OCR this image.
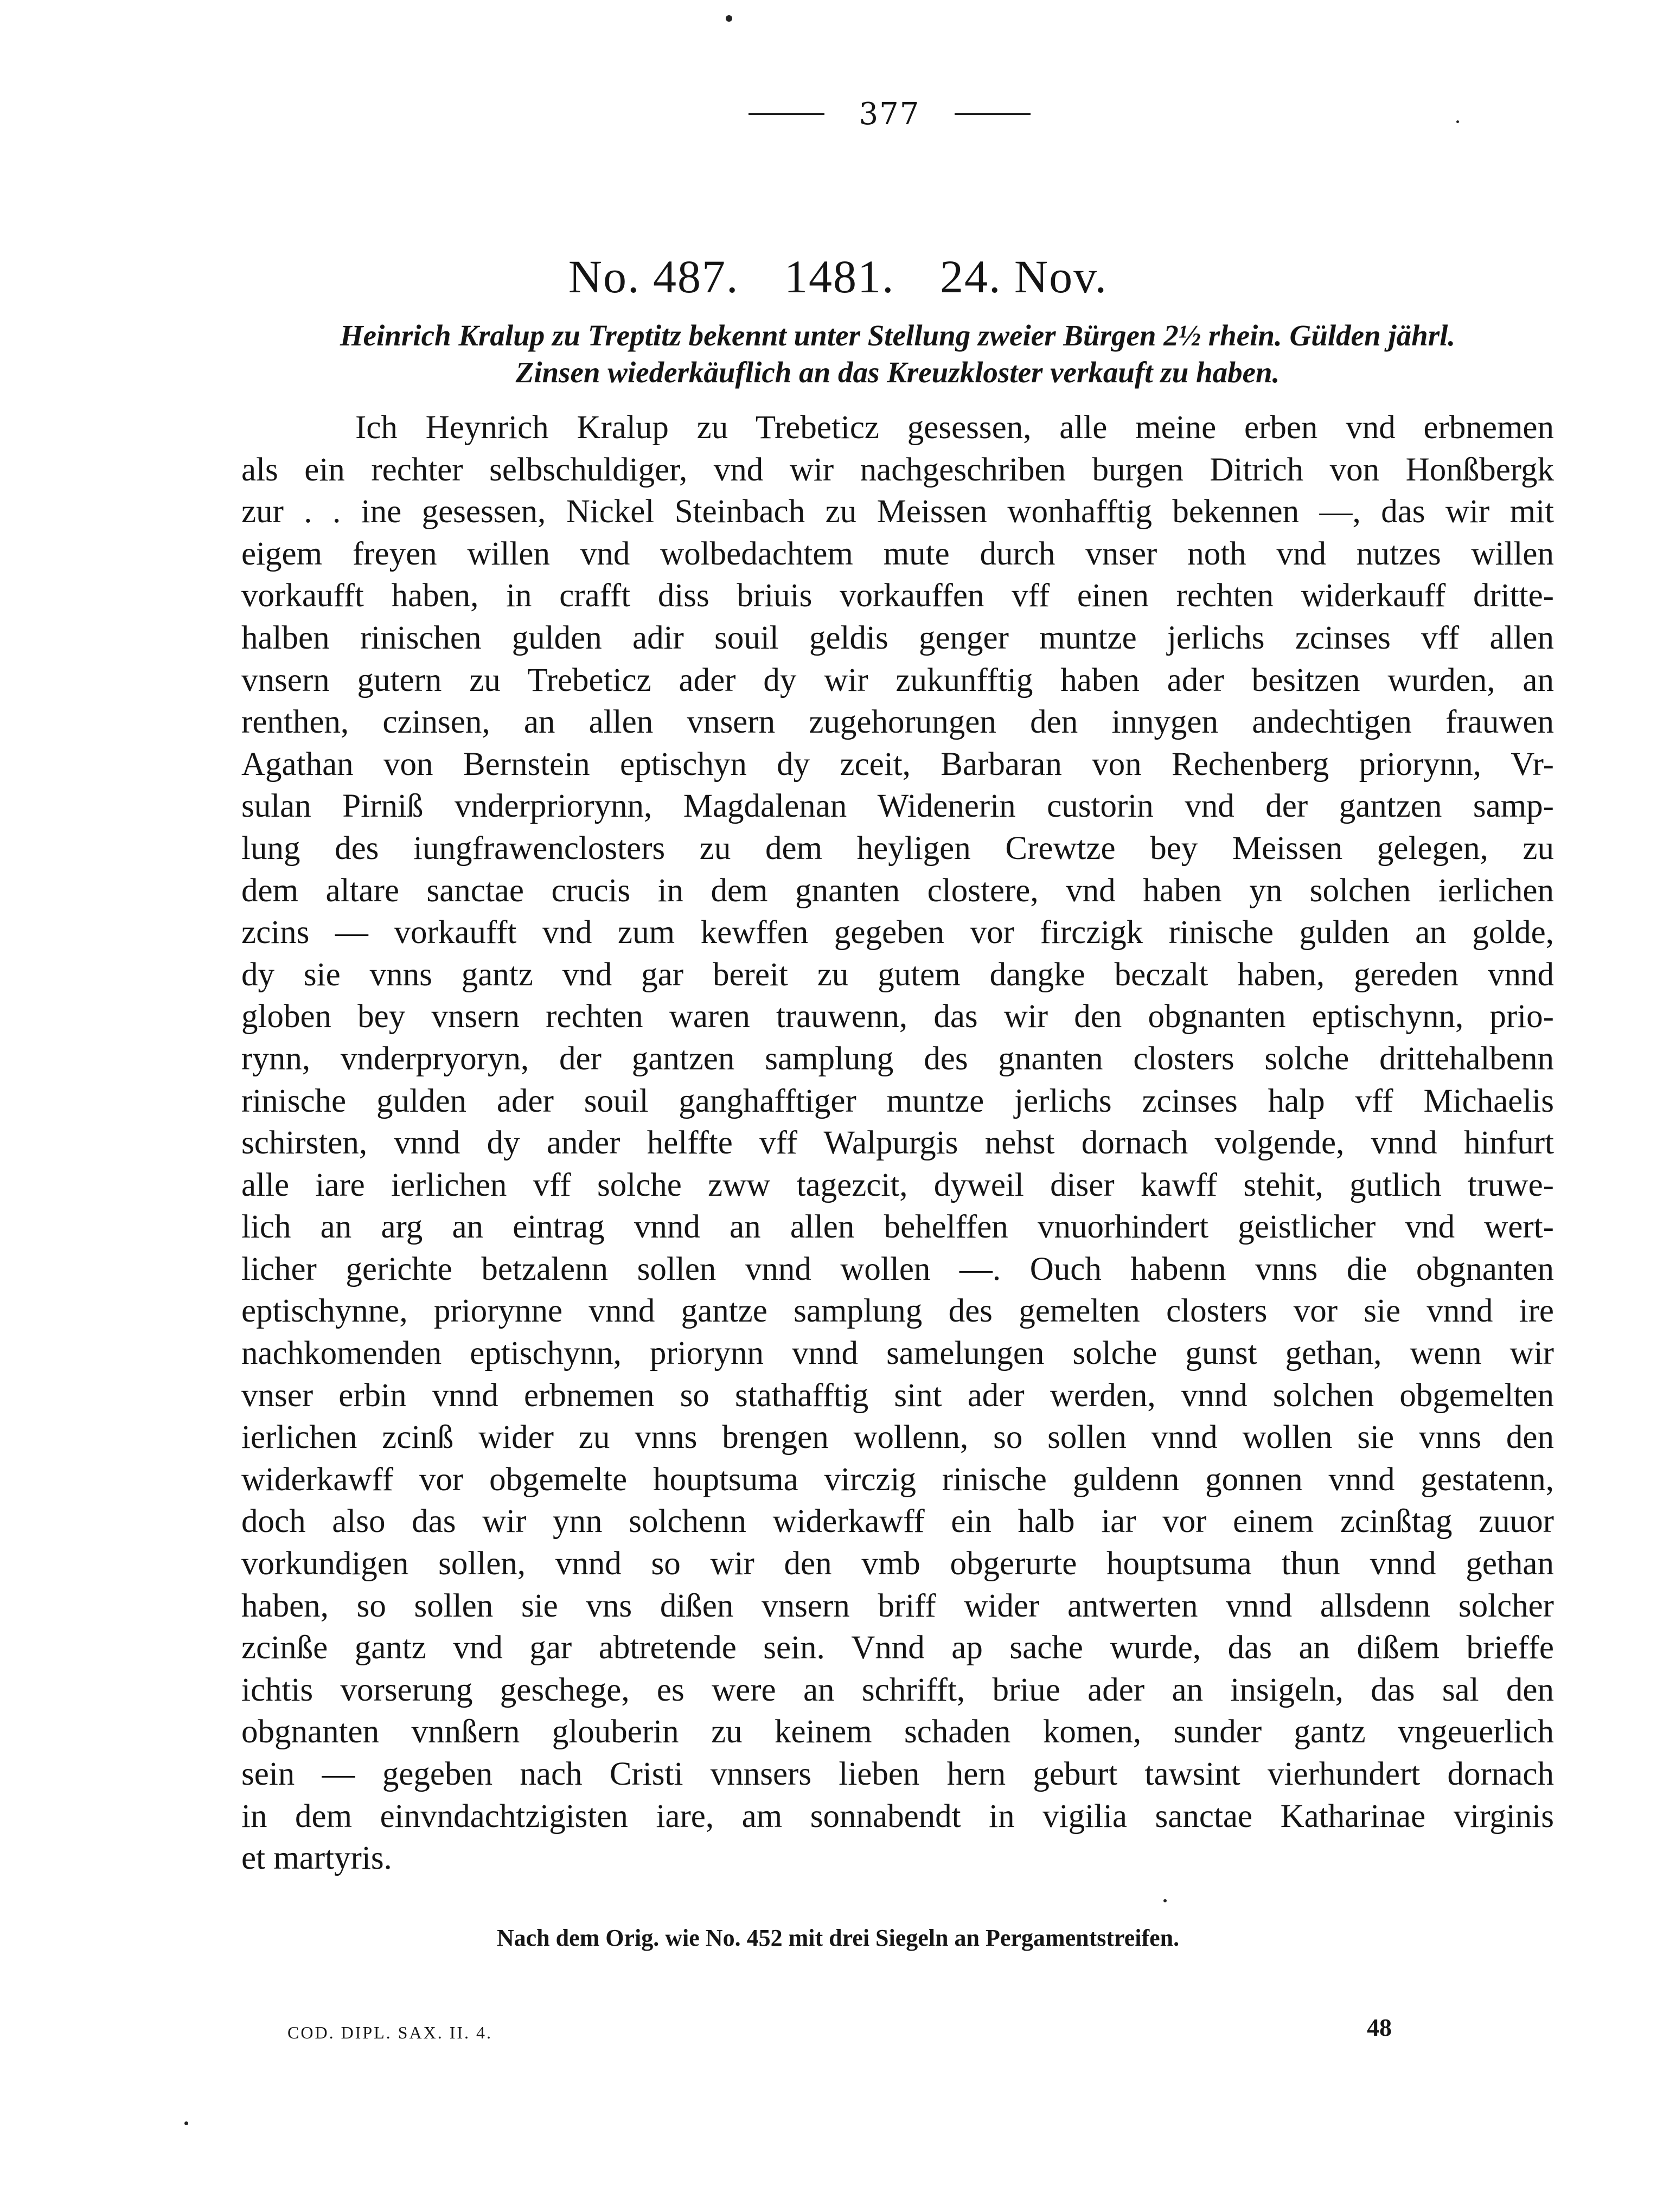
377
No. 487. 1481. 24. Nov.
Heinrich Kralup zu Treptitz bekennt unter Stellung zweier Bürgen 2½ rhein. Gülden jährl.
Zinsen wiederkäuflich an das Kreuzkloster verkauft zu haben.
Ich Heynrich Kralup zu Trebeticz gesessen, alle meine erben vnd erbnemen
als ein rechter selbschuldiger, vnd wir nachgeschriben burgen Ditrich von Honßbergk
zur . . ine gesessen, Nickel Steinbach zu Meissen wonhafftig bekennen —, das wir mit
eigem freyen willen vnd wolbedachtem mute durch vnser noth vnd nutzes willen
vorkaufft haben, in crafft diss briuis vorkauffen vff einen rechten widerkauff dritte-
halben rinischen gulden adir souil geldis genger muntze jerlichs zcinses vff allen
vnsern gutern zu Trebeticz ader dy wir zukunfftig haben ader besitzen wurden, an
renthen, czinsen, an allen vnsern zugehorungen den innygen andechtigen frauwen
Agathan von Bernstein eptischyn dy zceit, Barbaran von Rechenberg priorynn, Vr-
sulan Pirniß vnderpriorynn, Magdalenan Widenerin custorin vnd der gantzen samp-
lung des iungfrawenclosters zu dem heyligen Crewtze bey Meissen gelegen, zu
dem altare sanctae crucis in dem gnanten clostere, vnd haben yn solchen ierlichen
zcins — vorkaufft vnd zum kewffen gegeben vor firczigk rinische gulden an golde,
dy sie vnns gantz vnd gar bereit zu gutem dangke beczalt haben, gereden vnnd
globen bey vnsern rechten waren trauwenn, das wir den obgnanten eptischynn, prio-
rynn, vnderpryoryn, der gantzen samplung des gnanten closters solche drittehalbenn
rinische gulden ader souil ganghafftiger muntze jerlichs zcinses halp vff Michaelis
schirsten, vnnd dy ander helffte vff Walpurgis nehst dornach volgende, vnnd hinfurt
alle iare ierlichen vff solche zww tagezcit, dyweil diser kawff stehit, gutlich truwe-
lich an arg an eintrag vnnd an allen behelffen vnuorhindert geistlicher vnd wert-
licher gerichte betzalenn sollen vnnd wollen —. Ouch habenn vnns die obgnanten
eptischynne, priorynne vnnd gantze samplung des gemelten closters vor sie vnnd ire
nachkomenden eptischynn, priorynn vnnd samelungen solche gunst gethan, wenn wir
vnser erbin vnnd erbnemen so stathafftig sint ader werden, vnnd solchen obgemelten
ierlichen zcinß wider zu vnns brengen wollenn, so sollen vnnd wollen sie vnns den
widerkawff vor obgemelte houptsuma virczig rinische guldenn gonnen vnnd gestatenn,
doch also das wir ynn solchenn widerkawff ein halb iar vor einem zcinßtag zuuor
vorkundigen sollen, vnnd so wir den vmb obgerurte houptsuma thun vnnd gethan
haben, so sollen sie vns dißen vnsern briff wider antwerten vnnd allsdenn solcher
zcinße gantz vnd gar abtretende sein. Vnnd ap sache wurde, das an dißem brieffe
ichtis vorserung geschege, es were an schrifft, briue ader an insigeln, das sal den
obgnanten vnnßern glouberin zu keinem schaden komen, sunder gantz vngeuerlich
sein — gegeben nach Cristi vnnsers lieben hern geburt tawsint vierhundert dornach
in dem einvndachtzigisten iare, am sonnabendt in vigilia sanctae Katharinae virginis
et martyris.
Nach dem Orig. wie No. 452 mit drei Siegeln an Pergamentstreifen.
COD. DIPL. SAX. II. 4.	48
